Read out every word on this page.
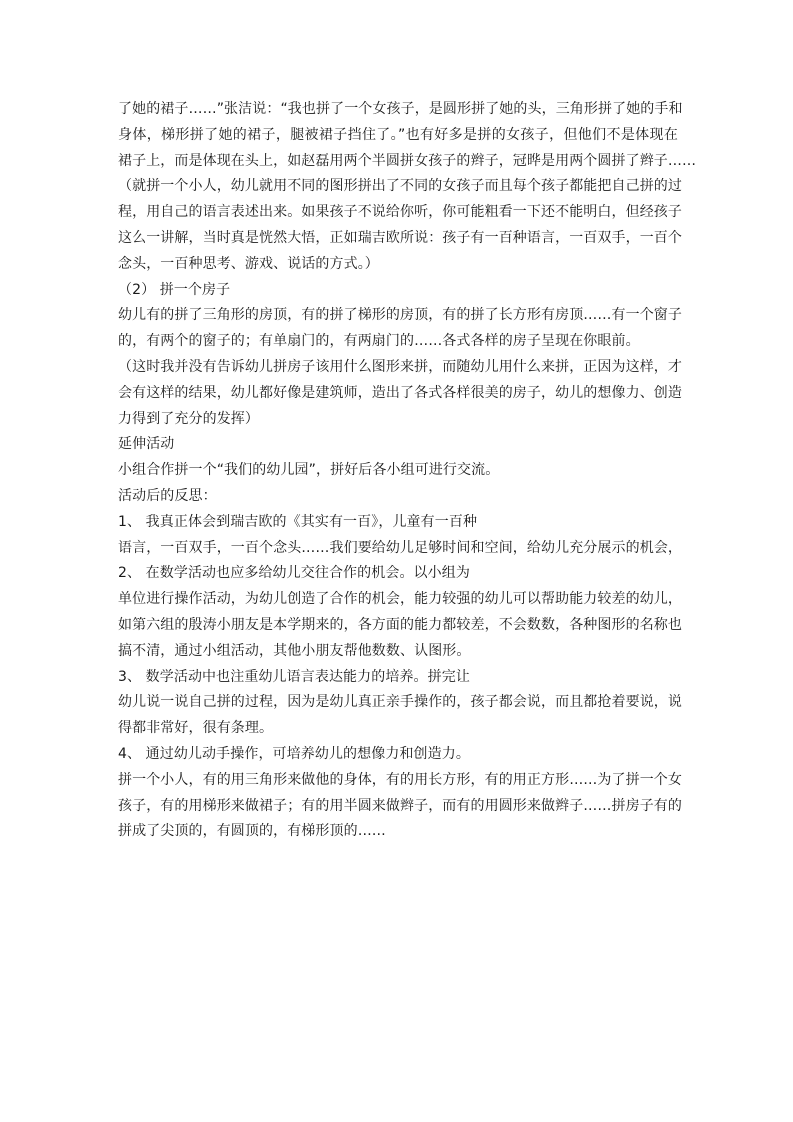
了她的裙子……”张洁说：“我也拼了一个女孩子，是圆形拼了她的头，三角形拼了她的手和
身体，梯形拼了她的裙子，腿被裙子挡住了。”也有好多是拼的女孩子，但他们不是体现在
裙子上，而是体现在头上，如赵磊用两个半圆拼女孩子的辫子，冠晔是用两个圆拼了辫子……
（就拼一个小人，幼儿就用不同的图形拼出了不同的女孩子而且每个孩子都能把自己拼的过
程，用自己的语言表述出来。如果孩子不说给你听，你可能粗看一下还不能明白，但经孩子
这么一讲解，当时真是恍然大悟，正如瑞吉欧所说：孩子有一百种语言，一百双手，一百个
念头，一百种思考、游戏、说话的方式。）
（2） 拼一个房子
幼儿有的拼了三角形的房顶，有的拼了梯形的房顶，有的拼了长方形有房顶……有一个窗子
的，有两个的窗子的；有单扇门的，有两扇门的……各式各样的房子呈现在你眼前。
（这时我并没有告诉幼儿拼房子该用什么图形来拼，而随幼儿用什么来拼，正因为这样，才
会有这样的结果，幼儿都好像是建筑师，造出了各式各样很美的房子，幼儿的想像力、创造
力得到了充分的发挥）
延伸活动
小组合作拼一个“我们的幼儿园”，拼好后各小组可进行交流。
活动后的反思：
1、 我真正体会到瑞吉欧的《其实有一百》，儿童有一百种
语言，一百双手，一百个念头……我们要给幼儿足够时间和空间，给幼儿充分展示的机会，
2、 在数学活动也应多给幼儿交往合作的机会。以小组为
单位进行操作活动，为幼儿创造了合作的机会，能力较强的幼儿可以帮助能力较差的幼儿，
如第六组的殷涛小朋友是本学期来的，各方面的能力都较差，不会数数，各种图形的名称也
搞不清，通过小组活动，其他小朋友帮他数数、认图形。
3、 数学活动中也注重幼儿语言表达能力的培养。拼完让
幼儿说一说自己拼的过程，因为是幼儿真正亲手操作的，孩子都会说，而且都抢着要说，说
得都非常好，很有条理。
4、 通过幼儿动手操作，可培养幼儿的想像力和创造力。
拼一个小人，有的用三角形来做他的身体，有的用长方形，有的用正方形……为了拼一个女
孩子，有的用梯形来做裙子；有的用半圆来做辫子，而有的用圆形来做辫子……拼房子有的
拼成了尖顶的，有圆顶的，有梯形顶的……
